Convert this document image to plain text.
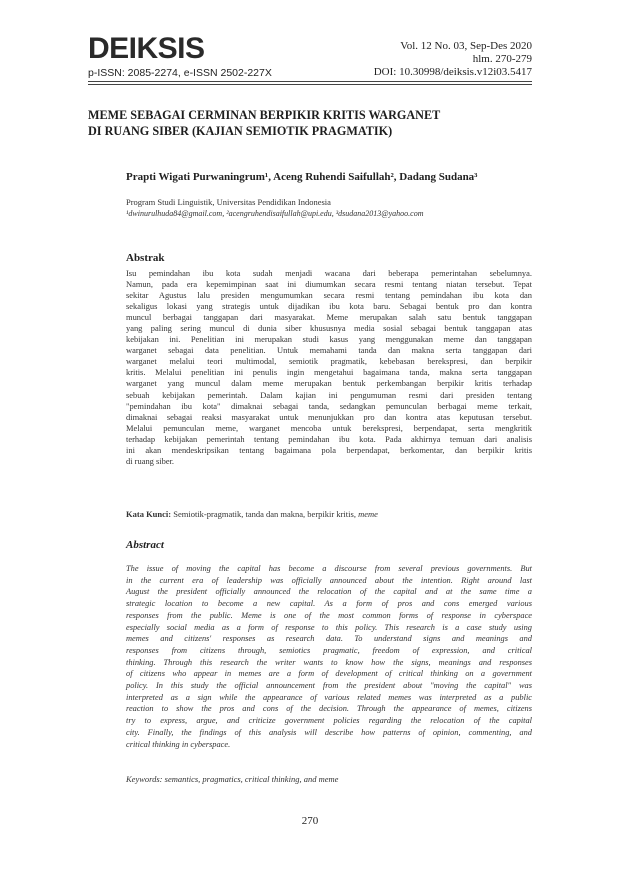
DEIKSIS
p-ISSN: 2085-2274, e-ISSN 2502-227X
Vol. 12 No. 03, Sep-Des 2020
hlm. 270-279
DOI: 10.30998/deiksis.v12i03.5417
MEME SEBAGAI CERMINAN BERPIKIR KRITIS WARGANET
DI RUANG SIBER (KAJIAN SEMIOTIK PRAGMATIK)
Prapti Wigati Purwaningrum¹, Aceng Ruhendi Saifullah², Dadang Sudana³
Program Studi Linguistik, Universitas Pendidikan Indonesia
¹dwinurulhuda84@gmail.com, ²acengruhendisaifullah@upi.edu, ³dsudana2013@yahoo.com
Abstrak
Isu pemindahan ibu kota sudah menjadi wacana dari beberapa pemerintahan sebelumnya.
Namun, pada era kepemimpinan saat ini diumumkan secara resmi tentang niatan tersebut. Tepat
sekitar Agustus lalu presiden mengumumkan secara resmi tentang pemindahan ibu kota dan
sekaligus lokasi yang strategis untuk dijadikan ibu kota baru. Sebagai bentuk pro dan kontra
muncul berbagai tanggapan dari masyarakat. Meme merupakan salah satu bentuk tanggapan
yang paling sering muncul di dunia siber khususnya media sosial sebagai bentuk tanggapan atas
kebijakan ini. Penelitian ini merupakan studi kasus yang menggunakan meme dan tanggapan
warganet sebagai data penelitian. Untuk memahami tanda dan makna serta tanggapan dari
warganet melalui teori multimodal, semiotik pragmatik, kebebasan berekspresi, dan berpikir
kritis. Melalui penelitian ini penulis ingin mengetahui bagaimana tanda, makna serta tanggapan
warganet yang muncul dalam meme merupakan bentuk perkembangan berpikir kritis terhadap
sebuah kebijakan pemerintah. Dalam kajian ini pengumuman resmi dari presiden tentang
"pemindahan ibu kota" dimaknai sebagai tanda, sedangkan pemunculan berbagai meme terkait,
dimaknai sebagai reaksi masyarakat untuk menunjukkan pro dan kontra atas keputusan tersebut.
Melalui pemunculan meme, warganet mencoba untuk berekspresi, berpendapat, serta mengkritik
terhadap kebijakan pemerintah tentang pemindahan ibu kota. Pada akhirnya temuan dari analisis
ini akan mendeskripsikan tentang bagaimana pola berpendapat, berkomentar, dan berpikir kritis
di ruang siber.
Kata Kunci: Semiotik-pragmatik, tanda dan makna, berpikir kritis, meme
Abstract
The issue of moving the capital has become a discourse from several previous governments. But
in the current era of leadership was officially announced about the intention. Right around last
August the president officially announced the relocation of the capital and at the same time a
strategic location to become a new capital. As a form of pros and cons emerged various
responses from the public. Meme is one of the most common forms of response in cyberspace
especially social media as a form of response to this policy. This research is a case study using
memes and citizens' responses as research data. To understand signs and meanings and
responses from citizens through, semiotics pragmatic, freedom of expression, and critical
thinking. Through this research the writer wants to know how the signs, meanings and responses
of citizens who appear in memes are a form of development of critical thinking on a government
policy. In this study the official announcement from the president about "moving the capital" was
interpreted as a sign while the appearance of various related memes was interpreted as a public
reaction to show the pros and cons of the decision. Through the appearance of memes, citizens
try to express, argue, and criticize government policies regarding the relocation of the capital
city. Finally, the findings of this analysis will describe how patterns of opinion, commenting, and
critical thinking in cyberspace.
Keywords: semantics, pragmatics, critical thinking, and meme
270
